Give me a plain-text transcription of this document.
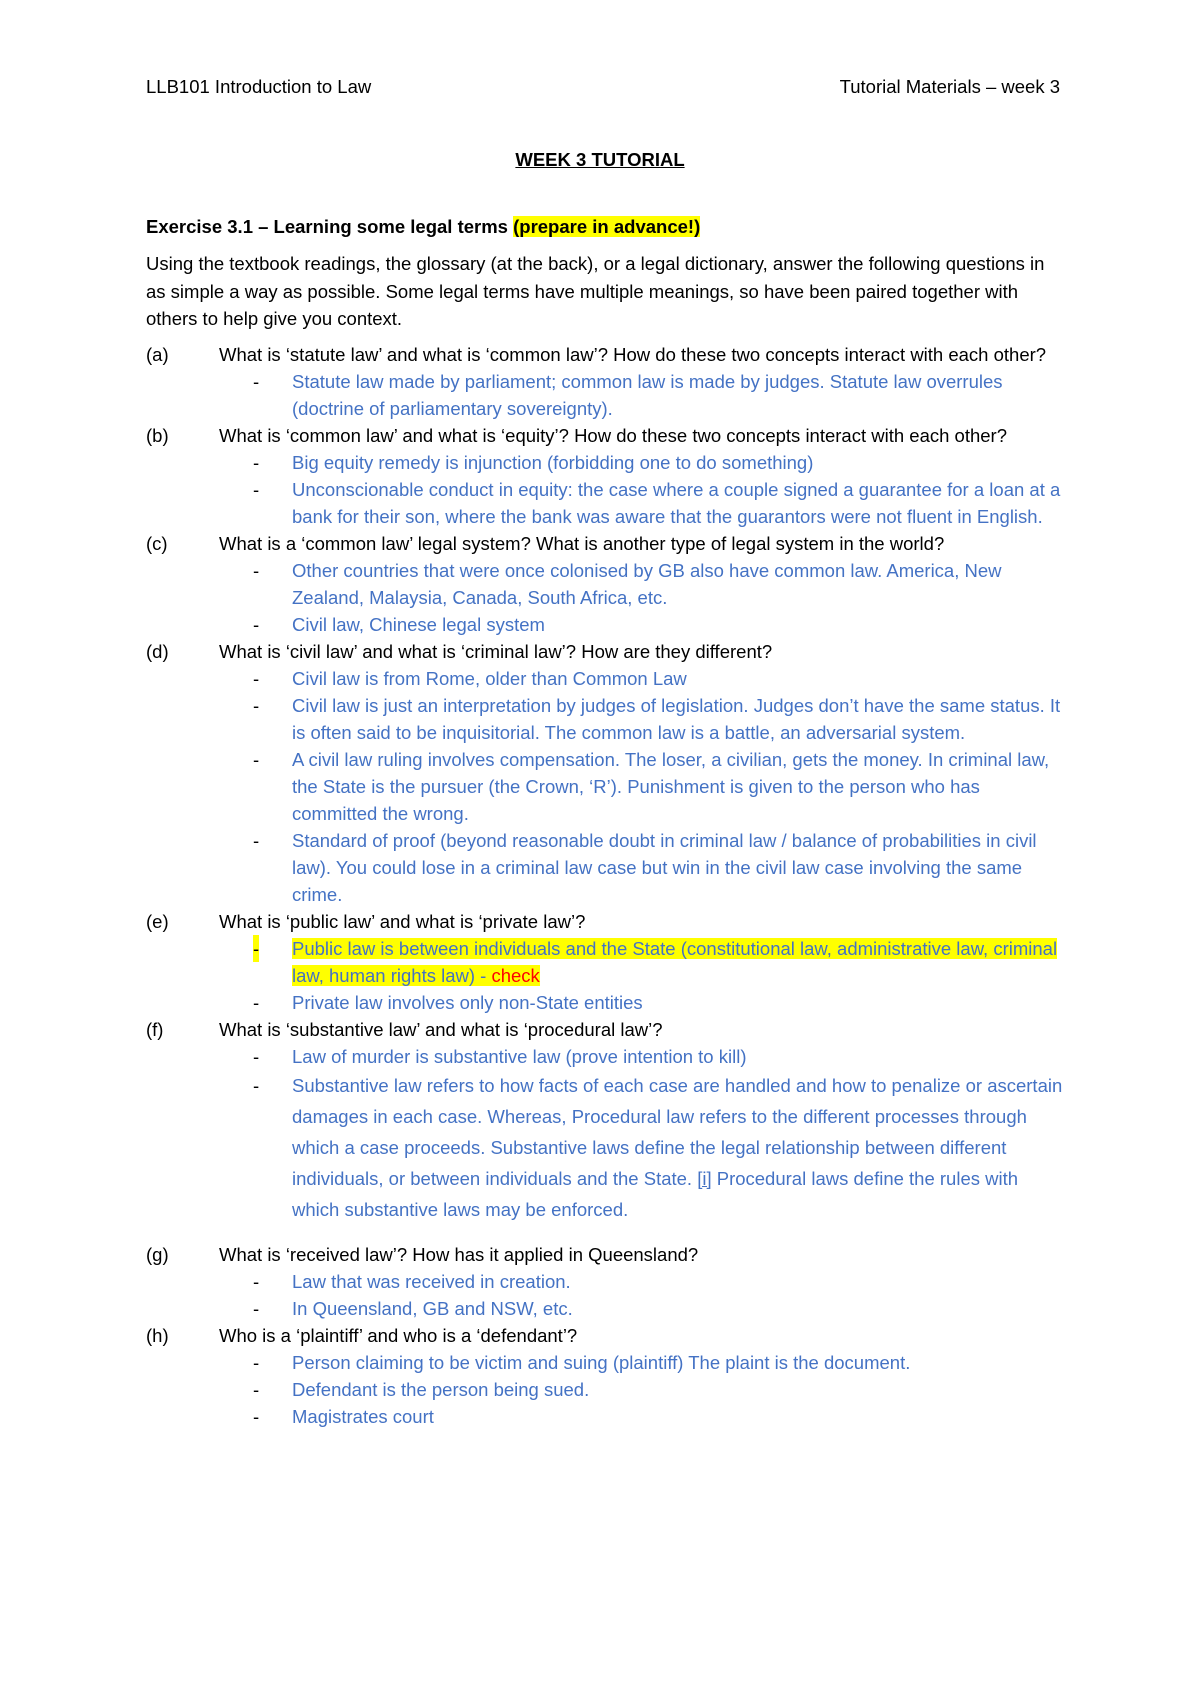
LLB101 Introduction to Law	Tutorial Materials – week 3
WEEK 3 TUTORIAL

Exercise 3.1 – Learning some legal terms (prepare in advance!)

Using the textbook readings, the glossary (at the back), or a legal dictionary, answer the following questions in as simple a way as possible. Some legal terms have multiple meanings, so have been paired together with others to help give you context.

(a)	What is ‘statute law’ and what is ‘common law’? How do these two concepts interact with each other?
- Statute law made by parliament; common law is made by judges. Statute law overrules (doctrine of parliamentary sovereignty).
(b)	What is ‘common law’ and what is ‘equity’? How do these two concepts interact with each other?
- Big equity remedy is injunction (forbidding one to do something)
- Unconscionable conduct in equity: the case where a couple signed a guarantee for a loan at a bank for their son, where the bank was aware that the guarantors were not fluent in English.
(c)	What is a ‘common law’ legal system? What is another type of legal system in the world?
- Other countries that were once colonised by GB also have common law. America, New Zealand, Malaysia, Canada, South Africa, etc.
- Civil law, Chinese legal system
(d)	What is ‘civil law’ and what is ‘criminal law’? How are they different?
- Civil law is from Rome, older than Common Law
- Civil law is just an interpretation by judges of legislation. Judges don’t have the same status. It is often said to be inquisitorial. The common law is a battle, an adversarial system.
- A civil law ruling involves compensation. The loser, a civilian, gets the money. In criminal law, the State is the pursuer (the Crown, ‘R’). Punishment is given to the person who has committed the wrong.
- Standard of proof (beyond reasonable doubt in criminal law / balance of probabilities in civil law). You could lose in a criminal law case but win in the civil law case involving the same crime.
(e)	What is ‘public law’ and what is ‘private law’?
- Public law is between individuals and the State (constitutional law, administrative law, criminal law, human rights law) - check
- Private law involves only non-State entities
(f)	What is ‘substantive law’ and what is ‘procedural law’?
- Law of murder is substantive law (prove intention to kill)
- Substantive law refers to how facts of each case are handled and how to penalize or ascertain damages in each case. Whereas, Procedural law refers to the different processes through which a case proceeds. Substantive laws define the legal relationship between different individuals, or between individuals and the State. [i] Procedural laws define the rules with which substantive laws may be enforced.
(g)	What is ‘received law’? How has it applied in Queensland?
- Law that was received in creation.
- In Queensland, GB and NSW, etc.
(h)	Who is a ‘plaintiff’ and who is a ‘defendant’?
- Person claiming to be victim and suing (plaintiff) The plaint is the document.
- Defendant is the person being sued.
- Magistrates court
